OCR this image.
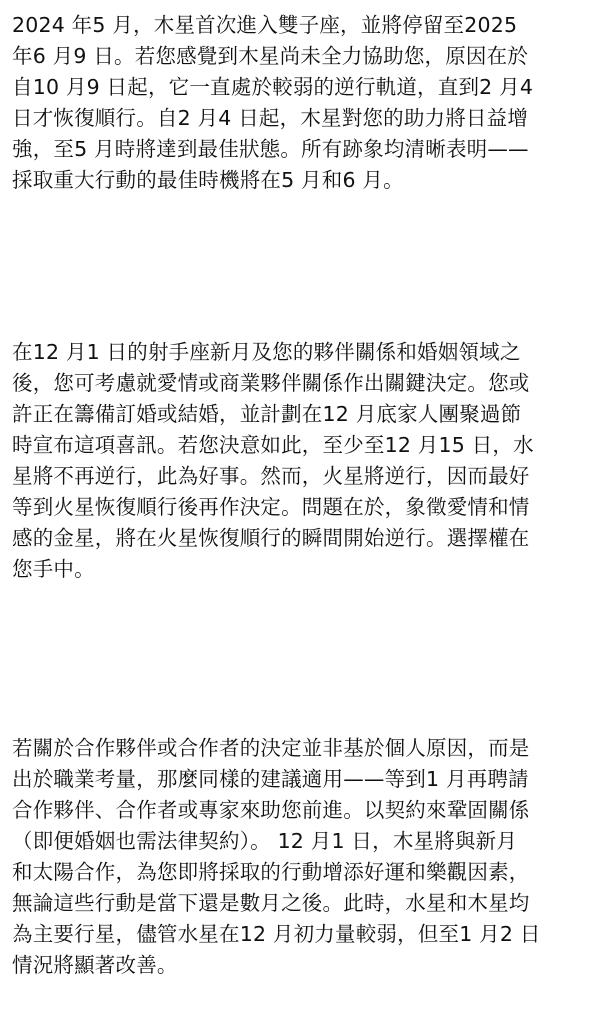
2024 年5 月，木星首次進入雙子座，並將停留至2025
年6 月9 日。若您感覺到木星尚未全力協助您，原因在於
自10 月9 日起，它一直處於較弱的逆行軌道，直到2 月4
日才恢復順行。自2 月4 日起，木星對您的助力將日益增
強，至5 月時將達到最佳狀態。所有跡象均清晰表明——
採取重大行動的最佳時機將在5 月和6 月。
在12 月1 日的射手座新月及您的夥伴關係和婚姻領域之
後，您可考慮就愛情或商業夥伴關係作出關鍵決定。您或
許正在籌備訂婚或結婚，並計劃在12 月底家人團聚過節
時宣布這項喜訊。若您決意如此，至少至12 月15 日，水
星將不再逆行，此為好事。然而，火星將逆行，因而最好
等到火星恢復順行後再作決定。問題在於，象徵愛情和情
感的金星，將在火星恢復順行的瞬間開始逆行。選擇權在
您手中。
若關於合作夥伴或合作者的決定並非基於個人原因，而是
出於職業考量，那麼同樣的建議適用——等到1 月再聘請
合作夥伴、合作者或專家來助您前進。以契約來鞏固關係
（即便婚姻也需法律契約）。 12 月1 日，木星將與新月
和太陽合作，為您即將採取的行動增添好運和樂觀因素，
無論這些行動是當下還是數月之後。此時，水星和木星均
為主要行星，儘管水星在12 月初力量較弱，但至1 月2 日
情況將顯著改善。
